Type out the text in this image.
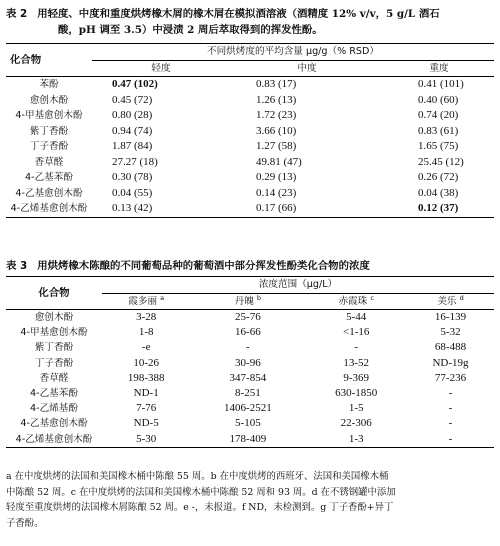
表 2 用轻度、中度和重度烘烤橡木屑的橡木屑在模拟酒溶液（酒精度 12% v/v，5 g/L 酒石
酸，pH 调至 3.5）中浸渍 2 周后萃取得到的挥发性酚。
化合物	不同烘烤度的平均含量 µg/g（% RSD）		
	轻度	中度	重度
苯酚	0.47 (102)	0.83 (17)	0.41 (101)
愈创木酚	0.45 (72)	1.26 (13)	0.40 (60)
4-甲基愈创木酚	0.80 (28)	1.72 (23)	0.74 (20)
紫丁香酚	0.94 (74)	3.66 (10)	0.83 (61)
丁子香酚	1.87 (84)	1.27 (58)	1.65 (75)
香草醛	27.27 (18)	49.81 (47)	25.45 (12)
4-乙基苯酚	0.30 (78)	0.29 (13)	0.26 (72)
4-乙基愈创木酚	0.04 (55)	0.14 (23)	0.04 (38)
4-乙烯基愈创木酚	0.13 (42)	0.17 (66)	0.12 (37)
表 3 用烘烤橡木陈酿的不同葡萄品种的葡萄酒中部分挥发性酚类化合物的浓度
化合物	浓度范围（µg/L）			
	霞多丽 $^a$	丹魄 $^b$	赤霞珠 $^c$	美乐 $^d$
愈创木酚	3-28	25-76	5-44	16-139
4-甲基愈创木酚	1-8	16-66	<1-16	5-32
紫丁香酚	-e	-	-	68-488
丁子香酚	10-26	30-96	13-52	ND-19g
香草醛	198-388	347-854	9-369	77-236
4-乙基苯酚	ND-1	8-251	630-1850	-
4-乙烯基酚	7-76	1406-2521	1-5	-
4-乙基愈创木酚	ND-5	5-105	22-306	-
4-乙烯基愈创木酚	5-30	178-409	1-3	-
a 在中度烘烤的法国和美国橡木桶中陈酿 55 周。b 在中度烘烤的西班牙、法国和美国橡木桶
中陈酿 52 周。c 在中度烘烤的法国和美国橡木桶中陈酿 52 周和 93 周。d 在不锈钢罐中添加
轻度至重度烘烤的法国橡木屑陈酿 52 周。e -，未报道。f ND，未检测到。g 丁子香酚+异丁
子香酚。
